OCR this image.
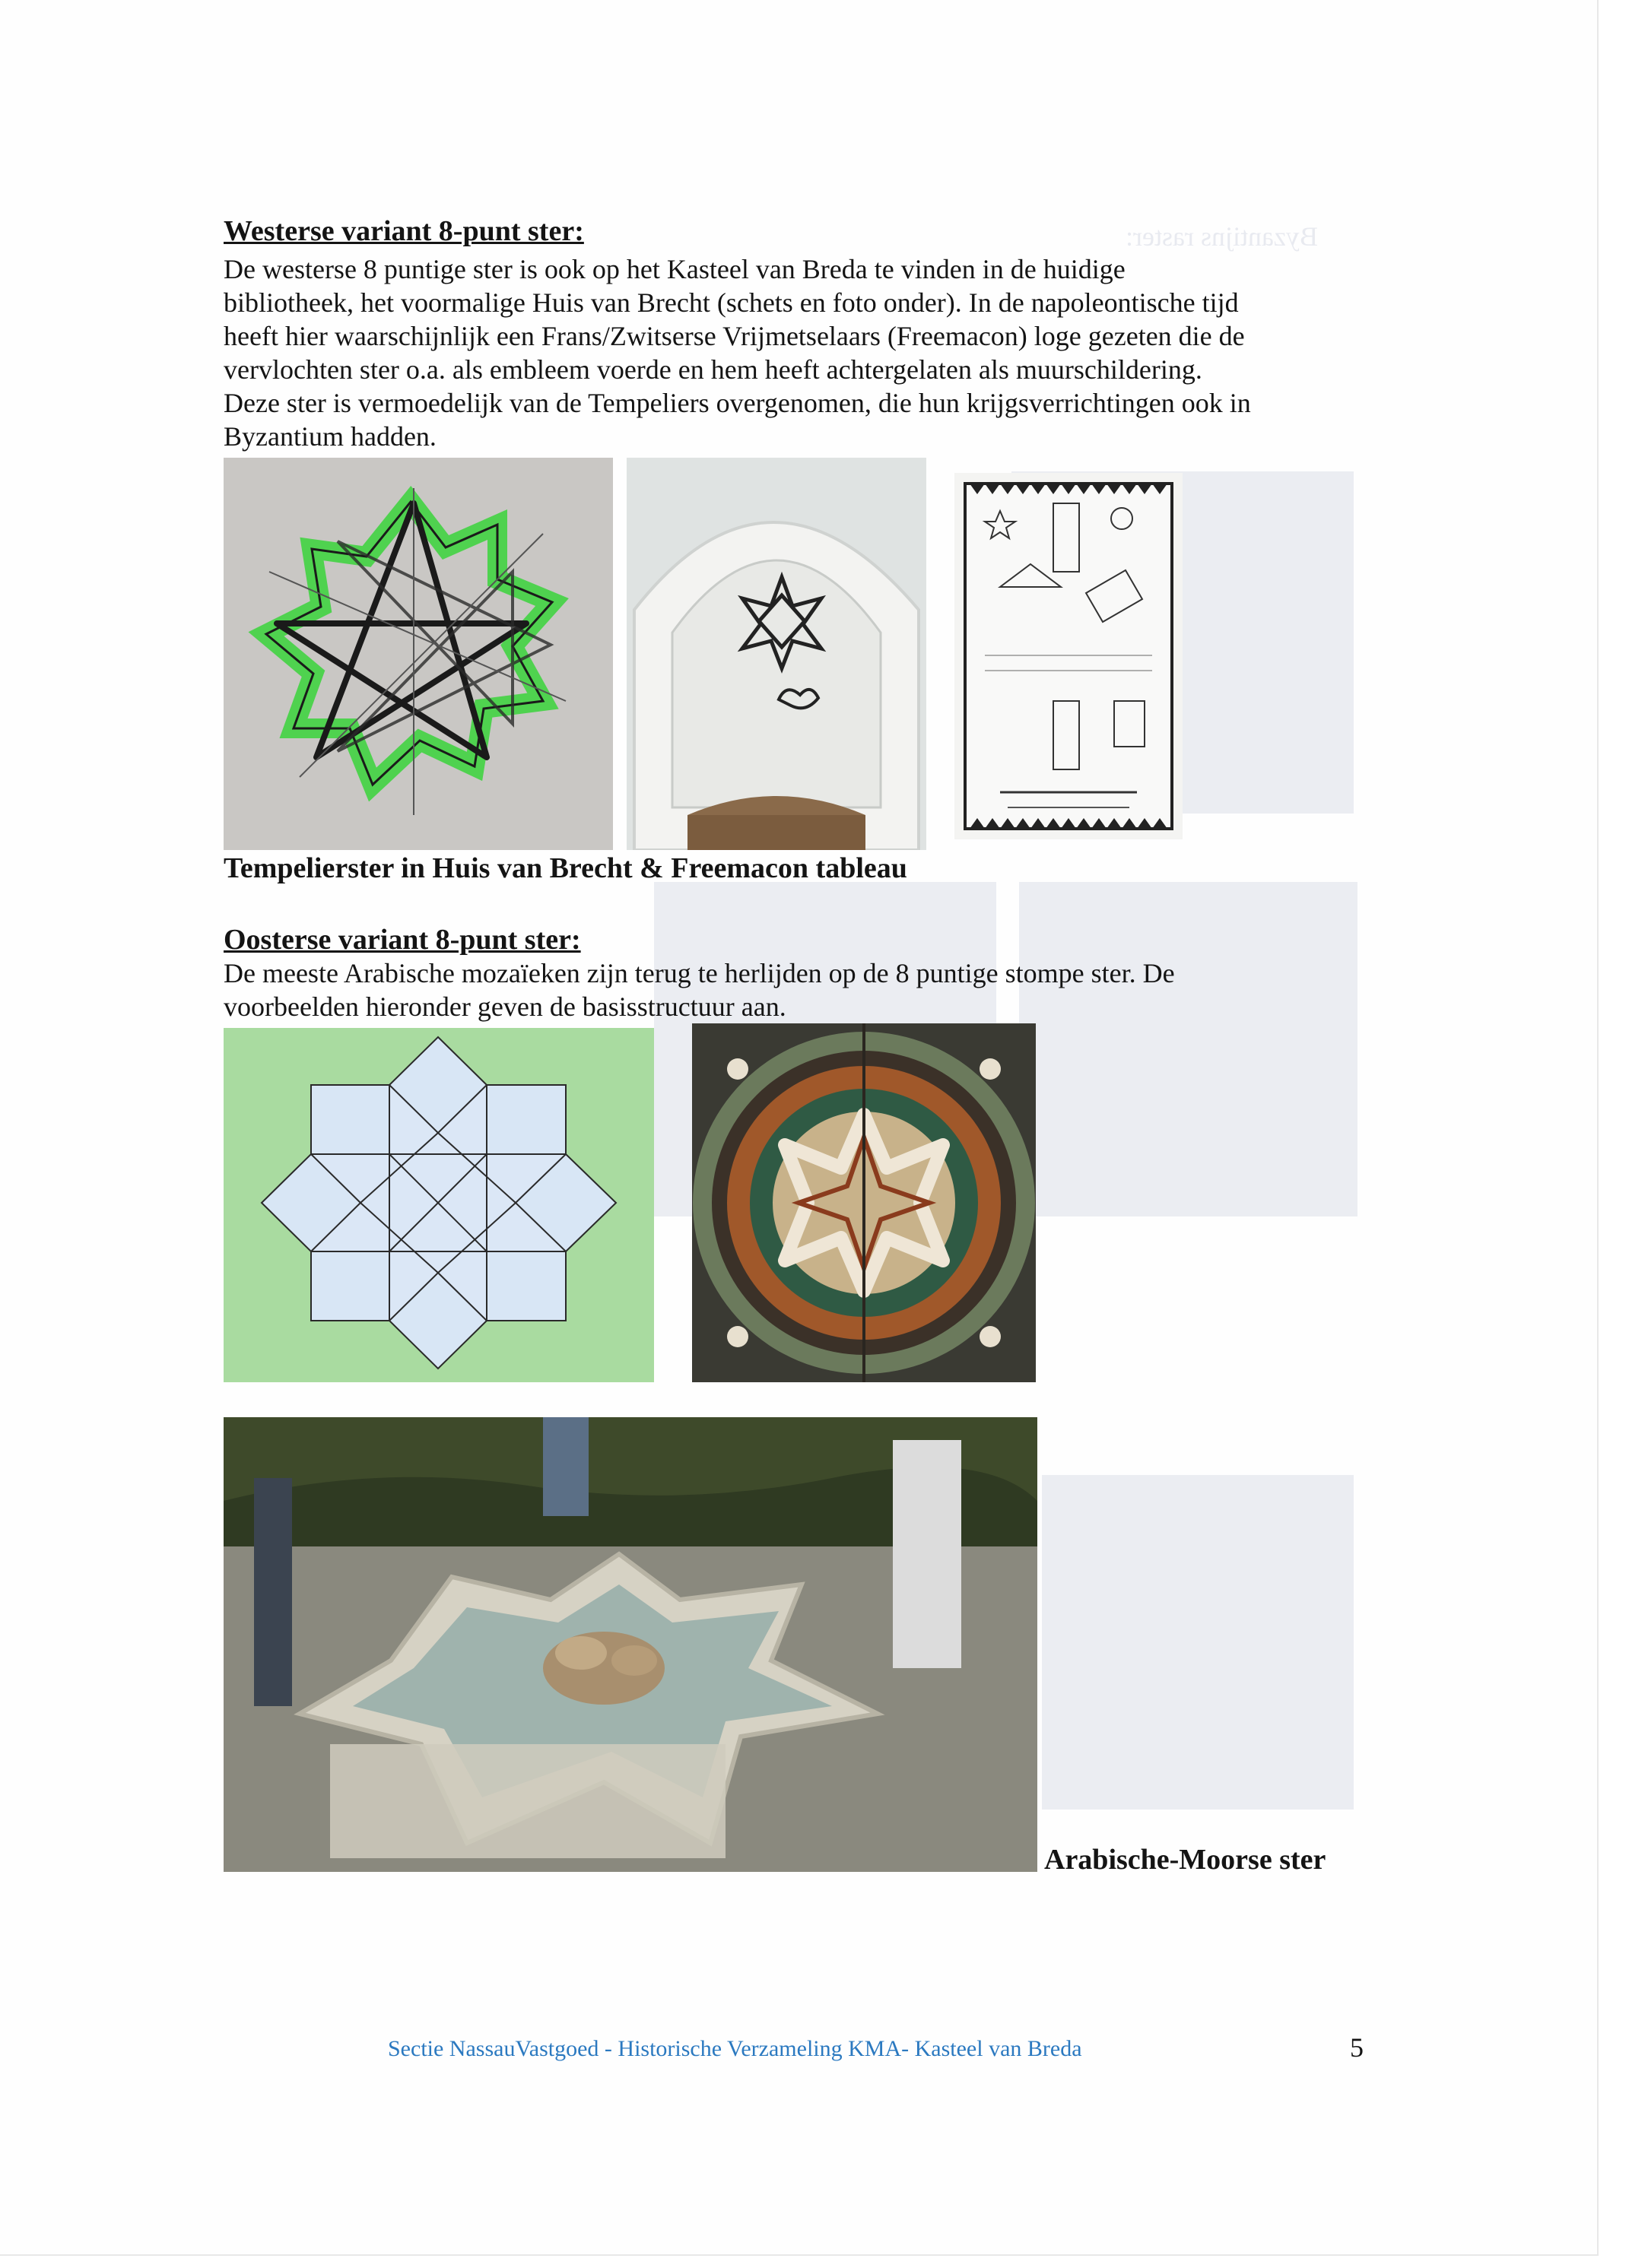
Byzantijns raster:
Westerse variant 8-punt ster:
De westerse 8 puntige ster is ook op het Kasteel van Breda te vinden in de huidige
bibliotheek, het voormalige Huis van Brecht (schets en foto onder). In de napoleontische tijd
heeft hier waarschijnlijk een Frans/Zwitserse Vrijmetselaars (Freemacon) loge gezeten die de
vervlochten ster o.a. als embleem voerde en hem heeft achtergelaten als muurschildering.
Deze ster is vermoedelijk van de Tempeliers overgenomen, die hun krijgsverrichtingen ook in
Byzantium hadden.

Tempelierster in Huis van Brecht & Freemacon tableau

Oosterse variant 8-punt ster:
De meeste Arabische mozaïeken zijn terug te herlijden op de 8 puntige stompe ster. De
voorbeelden hieronder geven de basisstructuur aan.

Arabische-Moorse ster

Sectie NassauVastgoed - Historische Verzameling KMA- Kasteel van Breda	5
